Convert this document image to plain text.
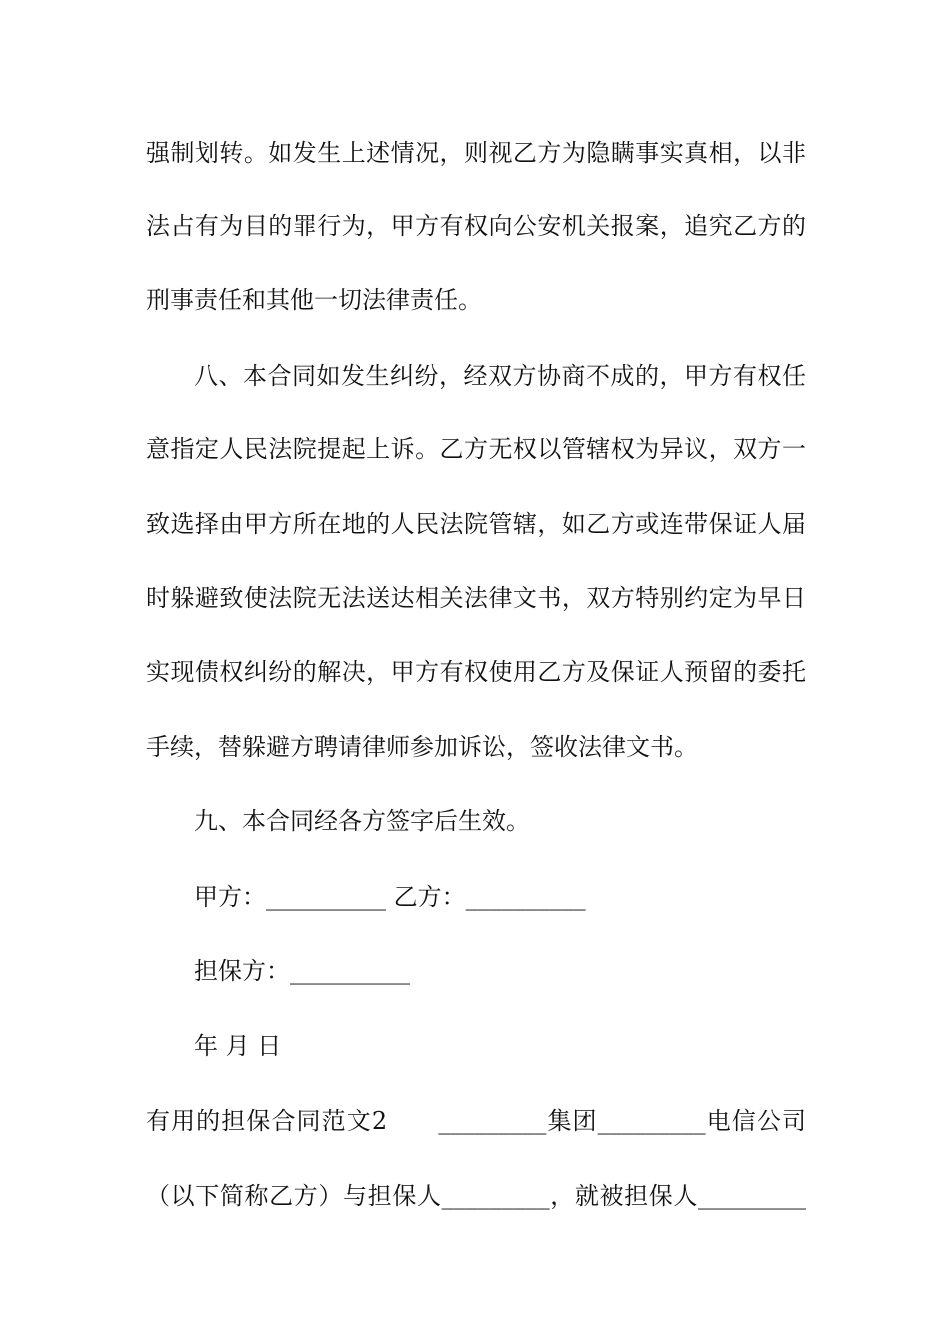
强制划转。如发生上述情况，则视乙方为隐瞒事实真相，以非
法占有为目的罪行为，甲方有权向公安机关报案，追究乙方的
刑事责任和其他一切法律责任。
八、本合同如发生纠纷，经双方协商不成的，甲方有权任
意指定人民法院提起上诉。乙方无权以管辖权为异议，双方一
致选择由甲方所在地的人民法院管辖，如乙方或连带保证人届
时躲避致使法院无法送达相关法律文书，双方特别约定为早日
实现债权纠纷的解决，甲方有权使用乙方及保证人预留的委托
手续，替躲避方聘请律师参加诉讼，签收法律文书。
九、本合同经各方签字后生效。
甲方：__________ 乙方：__________
担保方：__________
年 月 日
有用的担保合同范文2　　_________集团_________电信公司
（以下简称乙方）与担保人_________，就被担保人_________
